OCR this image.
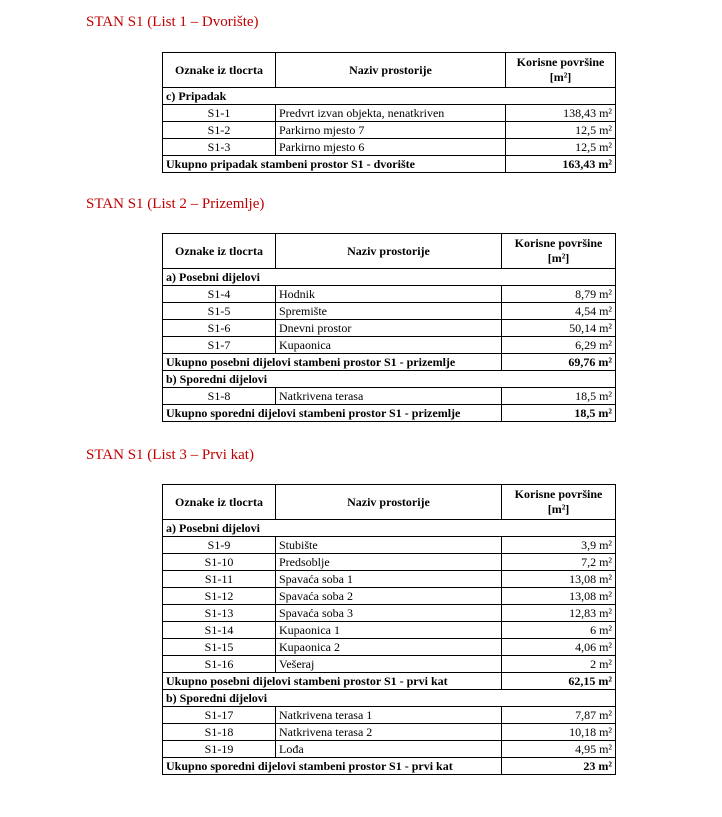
STAN S1 (List 1 – Dvorište)
Oznake iz tlocrta	Naziv prostorije	Korisne površine
[m²]
c) Pripadak		
S1-1	Predvrt izvan objekta, nenatkriven	138,43 m²
S1-2	Parkirno mjesto 7	12,5 m²
S1-3	Parkirno mjesto 6	12,5 m²
Ukupno pripadak stambeni prostor S1 - dvorište		163,43 m²
STAN S1 (List 2 – Prizemlje)
Oznake iz tlocrta	Naziv prostorije	Korisne površine
[m²]
a) Posebni dijelovi		
S1-4	Hodnik	8,79 m²
S1-5	Spremište	4,54 m²
S1-6	Dnevni prostor	50,14 m²
S1-7	Kupaonica	6,29 m²
Ukupno posebni dijelovi stambeni prostor S1 - prizemlje		69,76 m²
b) Sporedni dijelovi		
S1-8	Natkrivena terasa	18,5 m²
Ukupno sporedni dijelovi stambeni prostor S1 - prizemlje		18,5 m²
STAN S1 (List 3 – Prvi kat)
Oznake iz tlocrta	Naziv prostorije	Korisne površine
[m²]
a) Posebni dijelovi		
S1-9	Stubište	3,9 m²
S1-10	Predsoblje	7,2 m²
S1-11	Spavaća soba 1	13,08 m²
S1-12	Spavaća soba 2	13,08 m²
S1-13	Spavaća soba 3	12,83 m²
S1-14	Kupaonica 1	6 m²
S1-15	Kupaonica 2	4,06 m²
S1-16	Vešeraj	2 m²
Ukupno posebni dijelovi stambeni prostor S1 - prvi kat		62,15 m²
b) Sporedni dijelovi		
S1-17	Natkrivena terasa 1	7,87 m²
S1-18	Natkrivena terasa 2	10,18 m²
S1-19	Lođa	4,95 m²
Ukupno sporedni dijelovi stambeni prostor S1 - prvi kat		23 m²
